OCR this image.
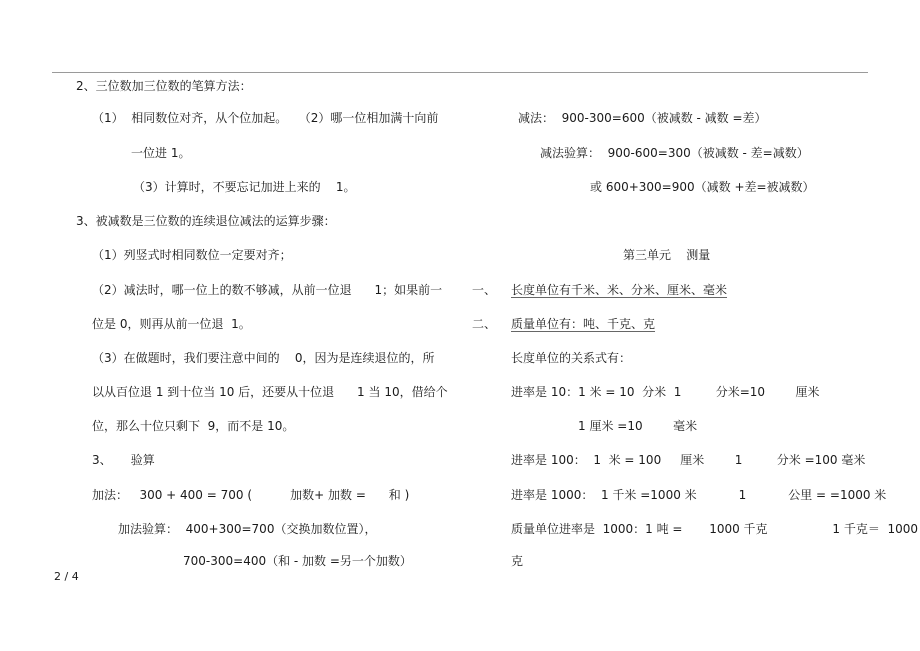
2、三位数加三位数的笔算方法：
（1）  相同数位对齐，从个位加起。   （2）哪一位相加满十向前
一位进 1。
（3）计算时，不要忘记加进上来的    1。
3、被减数是三位数的连续退位减法的运算步骤：
（1）列竖式时相同数位一定要对齐；
（2）减法时，哪一位上的数不够减，从前一位退      1；如果前一
位是 0，则再从前一位退  1。
（3）在做题时，我们要注意中间的    0，因为是连续退位的，所
以从百位退 1 到十位当 10 后，还要从十位退      1 当 10，借给个
位，那么十位只剩下  9，而不是 10。
3、     验算
加法：   300 + 400 = 700 (          加数+ 加数 =      和 )
加法验算：  400+300=700（交换加数位置），
700-300=400（和 - 加数 =另一个加数）
减法：  900-300=600（被减数 - 减数 =差）
减法验算：  900-600=300（被减数 - 差=减数）
或 600+300=900（减数 +差=被减数）
第三单元    测量
一、 长度单位有千米、米、分米、厘米、毫米
二、 质量单位有：吨、千克、克
长度单位的关系式有：
进率是 10：1 米 = 10  分米  1         分米=10        厘米
1 厘米 =10        毫米
进率是 100：  1  米 = 100     厘米        1         分米 =100 毫米
进率是 1000：  1 千米 =1000 米           1           公里 = =1000 米
质量单位进率是  1000：1 吨 =       1000 千克                 1 千克＝  1000
克
2 / 4
